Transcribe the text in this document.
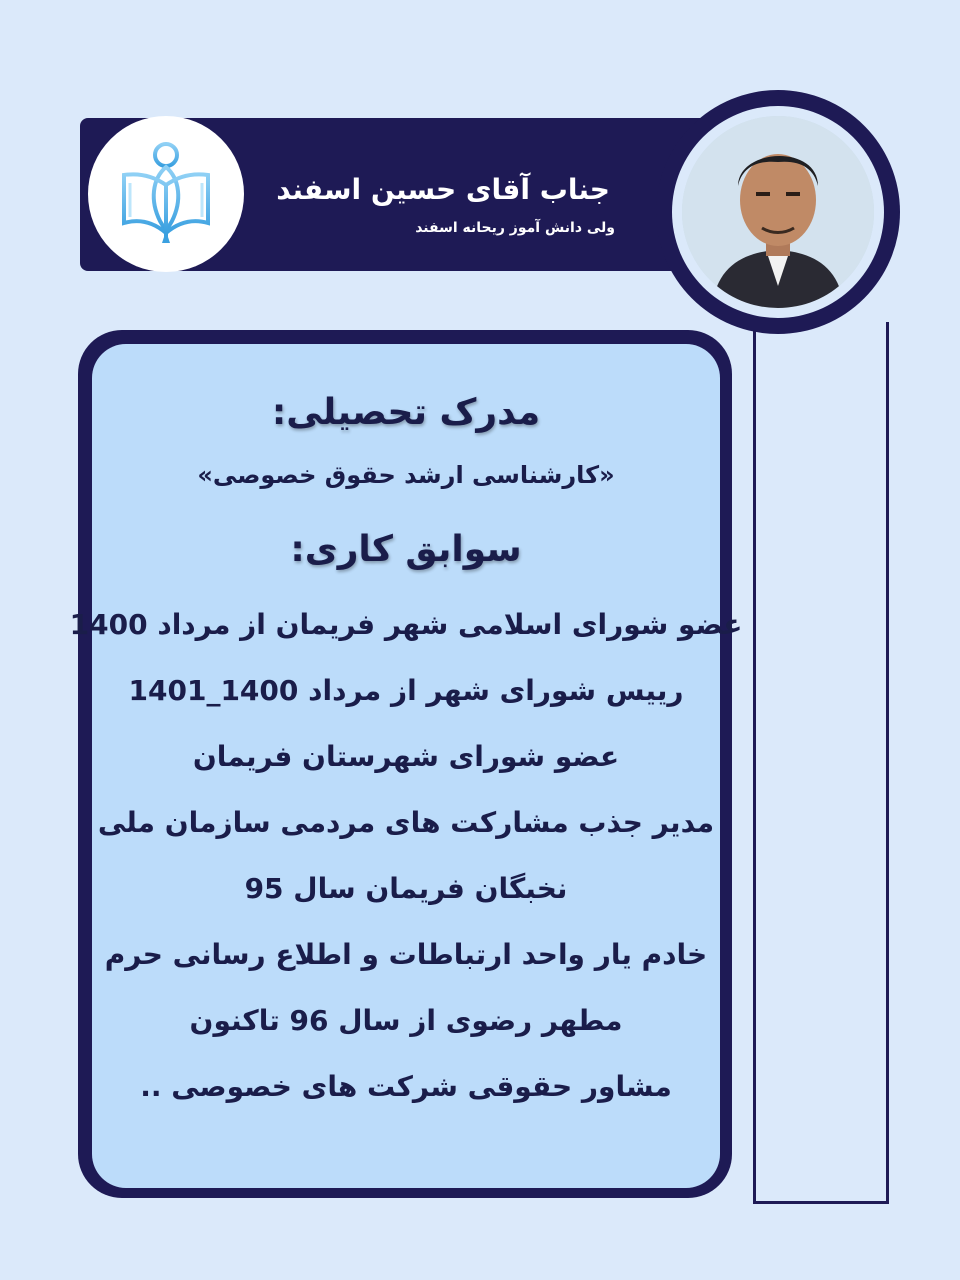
جناب آقای حسین اسفند
ولی دانش آموز ریحانه اسفند
مدرک تحصیلی:
«کارشناسی ارشد حقوق خصوصی»
سوابق کاری:
عضو شورای اسلامی شهر فریمان از مرداد 1400
رییس شورای شهر از مرداد 1400_1401
عضو شورای شهرستان فریمان
مدیر جذب مشارکت های مردمی سازمان ملی
نخبگان فریمان سال 95
خادم یار واحد ارتباطات و اطلاع رسانی حرم
مطهر رضوی از سال 96 تاکنون
مشاور حقوقی شرکت های خصوصی ..
